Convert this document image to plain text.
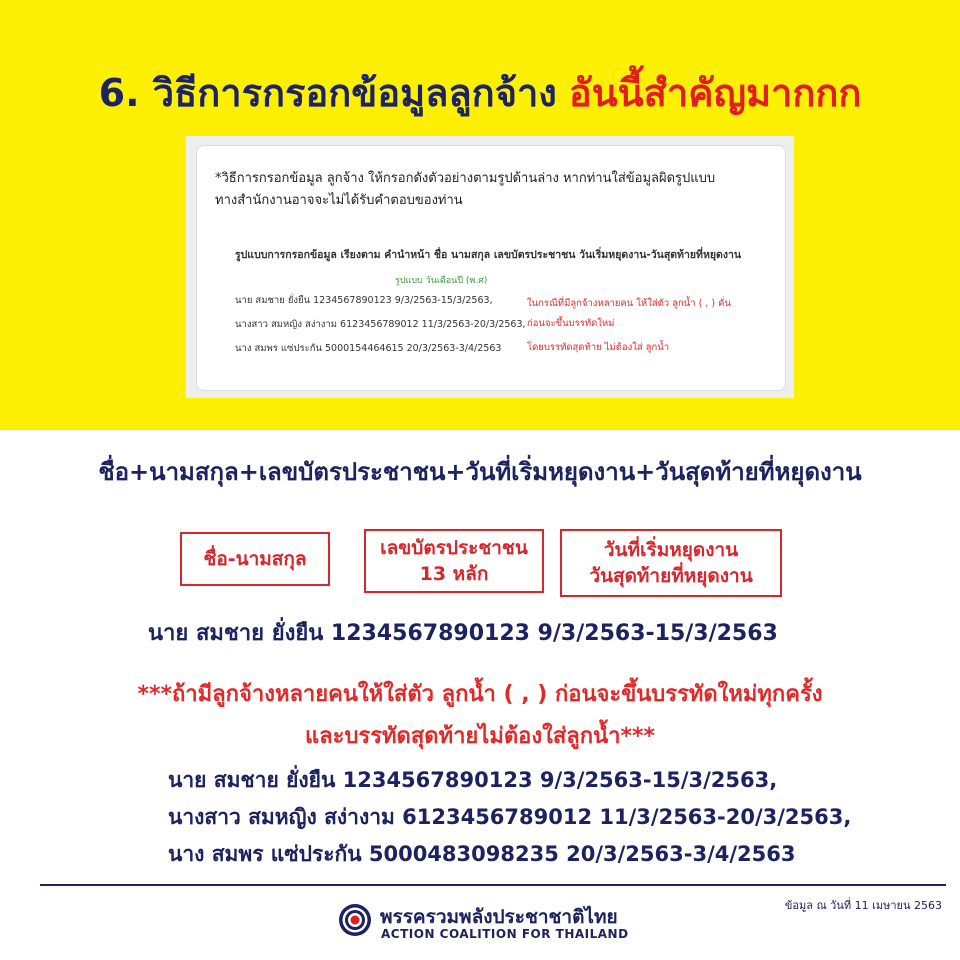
6. วิธีการกรอกข้อมูลลูกจ้าง อันนี้สำคัญมากกก
*วิธีการกรอกข้อมูล ลูกจ้าง ให้กรอกดังตัวอย่างตามรูปด้านล่าง หากท่านใส่ข้อมูลผิดรูปแบบ
ทางสำนักงานอาจจะไม่ได้รับคำตอบของท่าน
รูปแบบการกรอกข้อมูล เรียงตาม คำนำหน้า ชื่อ นามสกุล เลขบัตรประชาชน วันเริ่มหยุดงาน-วันสุดท้ายที่หยุดงาน
รูปแบบ วันเดือนปี (พ.ศ)
นาย สมชาย ยั่งยืน 1234567890123 9/3/2563-15/3/2563,
นางสาว สมหญิง สง่างาม 6123456789012 11/3/2563-20/3/2563,
นาง สมพร แซ่ประกัน 5000154464615 20/3/2563-3/4/2563
ในกรณีที่มีลูกจ้างหลายคน ให้ใส่ตัว ลูกน้ำ ( , ) คั่น
ก่อนจะขึ้นบรรทัดใหม่
โดยบรรทัดสุดท้าย ไม่ต้องใส่ ลูกน้ำ
ชื่อ+นามสกุล+เลขบัตรประชาชน+วันที่เริ่มหยุดงาน+วันสุดท้ายที่หยุดงาน
ชื่อ-นามสกุล	เลขบัตรประชาชน
13 หลัก
วันที่เริ่มหยุดงาน
วันสุดท้ายที่หยุดงาน
นาย สมชาย ยั่งยืน 1234567890123 9/3/2563-15/3/2563
***ถ้ามีลูกจ้างหลายคนให้ใส่ตัว ลูกน้ำ ( , ) ก่อนจะขึ้นบรรทัดใหม่ทุกครั้ง
และบรรทัดสุดท้ายไม่ต้องใส่ลูกน้ำ***
นาย สมชาย ยั่งยืน 1234567890123 9/3/2563-15/3/2563,
นางสาว สมหญิง สง่างาม 6123456789012 11/3/2563-20/3/2563,
นาง สมพร แซ่ประกัน 5000483098235 20/3/2563-3/4/2563
ข้อมูล ณ วันที่ 11 เมษายน 2563
พรรครวมพลังประชาชาติไทย
ACTION COALITION FOR THAILAND
